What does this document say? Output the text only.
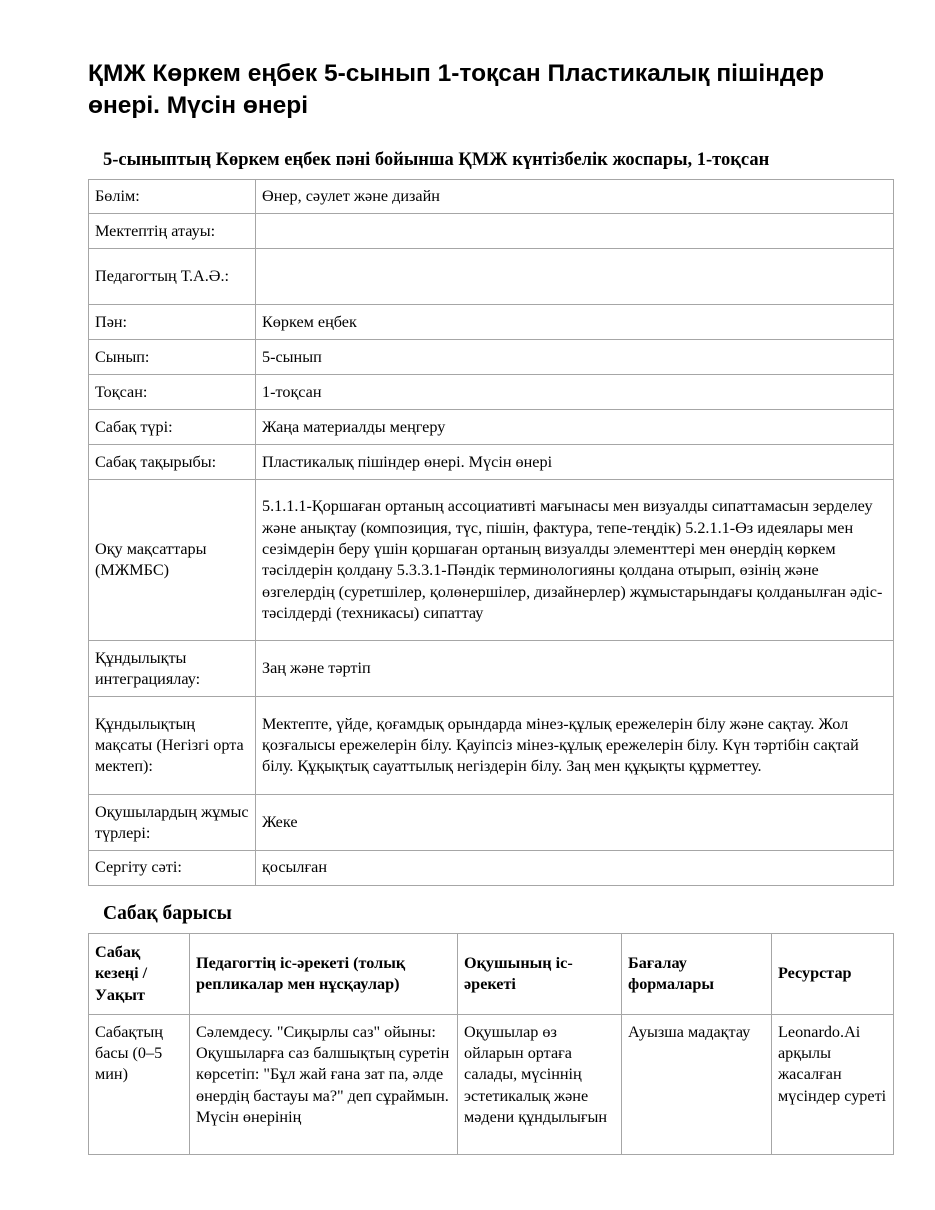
ҚМЖ Көркем еңбек 5-сынып 1-тоқсан Пластикалық пішіндер өнері. Мүсін өнері
5-сыныптың Көркем еңбек пәні бойынша ҚМЖ күнтізбелік жоспары, 1-тоқсан
Бөлім:	Өнер, сәулет және дизайн
Мектептің атауы:	
Педагогтың Т.А.Ә.:	
Пән:	Көркем еңбек
Сынып:	5-сынып
Тоқсан:	1-тоқсан
Сабақ түрі:	Жаңа материалды меңгеру
Сабақ тақырыбы:	Пластикалық пішіндер өнері. Мүсін өнері
Оқу мақсаттары (МЖМБС)	5.1.1.1-Қоршаған ортаның ассоциативті мағынасы мен визуалды сипаттамасын зерделеу және анықтау (композиция, түс, пішін, фактура, тепе-теңдік) 5.2.1.1-Өз идеялары мен сезімдерін беру үшін қоршаған ортаның визуалды элементтері мен өнердің көркем тәсілдерін қолдану 5.3.3.1-Пәндік терминологияны қолдана отырып, өзінің және өзгелердің (суретшілер, қолөнершілер, дизайнерлер) жұмыстарындағы қолданылған әдіс-тәсілдерді (техникасы) сипаттау
Құндылықты интеграциялау:	Заң және тәртіп
Құндылықтың мақсаты (Негізгі орта мектеп):	Мектепте, үйде, қоғамдық орындарда мінез-құлық ережелерін білу және сақтау. Жол қозғалысы ережелерін білу. Қауіпсіз мінез-құлық ережелерін білу. Күн тәртібін сақтай білу. Құқықтық сауаттылық негіздерін білу. Заң мен құқықты құрметтеу.
Оқушылардың жұмыс түрлері:	Жеке
Сергіту сәті:	қосылған
Сабақ барысы
Сабақ кезеңі / Уақыт	Педагогтің іс-әрекеті (толық репликалар мен нұсқаулар)	Оқушының іс-әрекеті	Бағалау формалары	Ресурстар
Сабақтың басы (0–5 мин)	Сәлемдесу. "Сиқырлы саз" ойыны: Оқушыларға саз балшықтың суретін көрсетіп: "Бұл жай ғана зат па, әлде өнердің бастауы ма?" деп сұраймын. Мүсін өнерінің	Оқушылар өз ойларын ортаға салады, мүсіннің эстетикалық және мәдени құндылығын	Ауызша мадақтау	Leonardo.Ai арқылы жасалған мүсіндер суреті
